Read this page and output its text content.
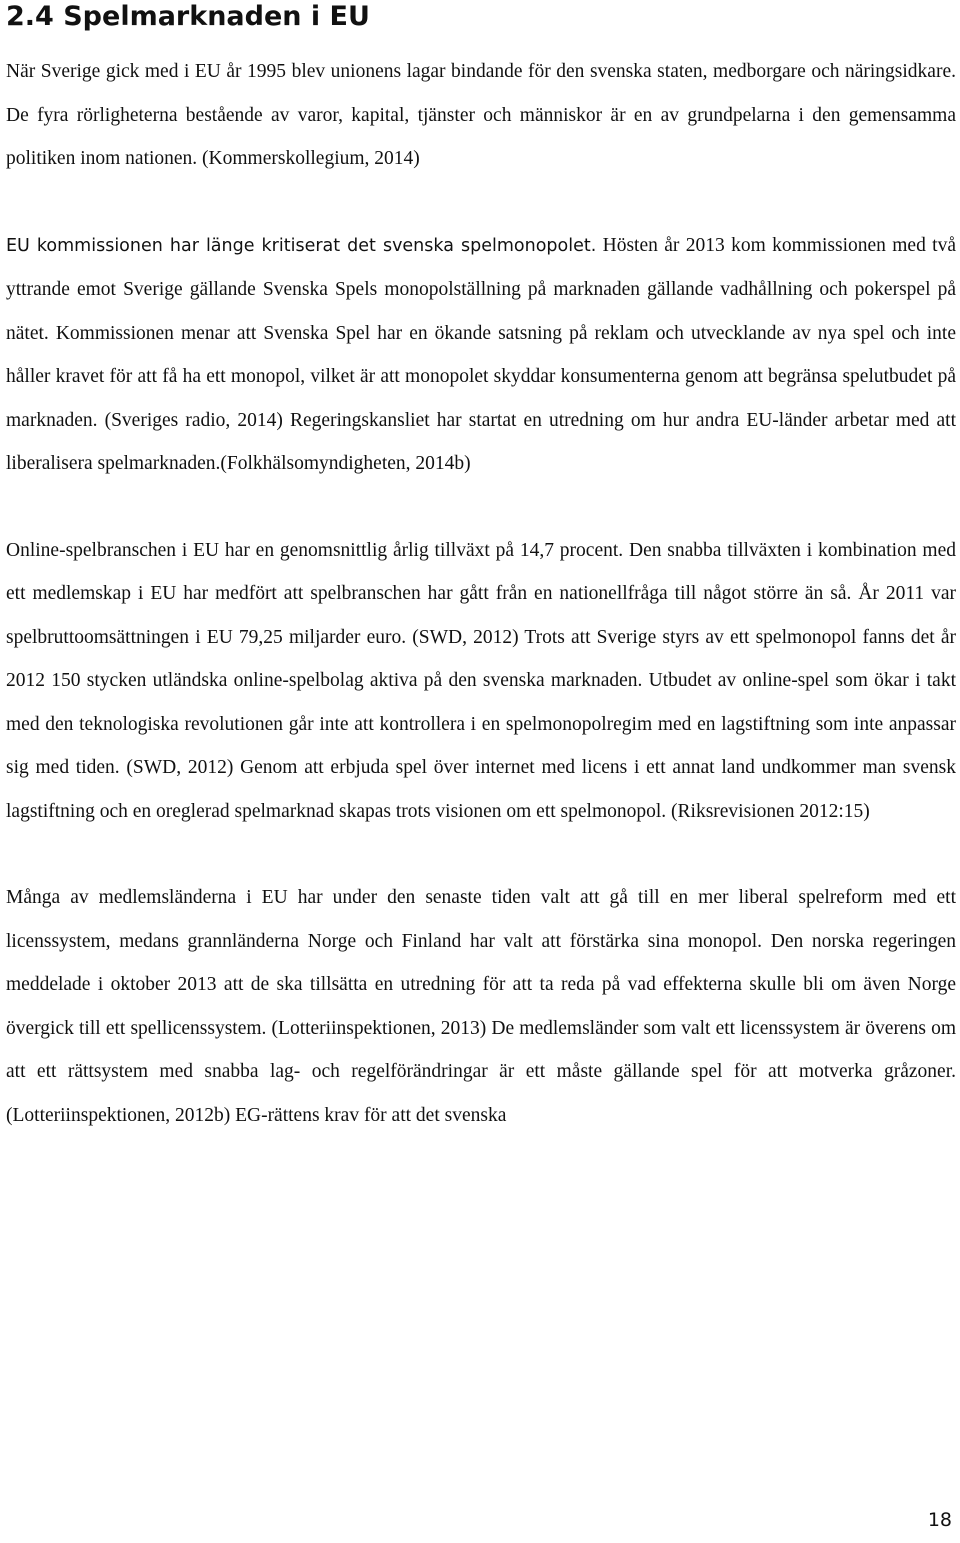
2.4 Spelmarknaden i EU

När Sverige gick med i EU år 1995 blev unionens lagar bindande för den svenska staten, medborgare och näringsidkare. De fyra rörligheterna bestående av varor, kapital, tjänster och människor är en av grundpelarna i den gemensamma politiken inom nationen. (Kommerskollegium, 2014)

EU kommissionen har länge kritiserat det svenska spelmonopolet. Hösten år 2013 kom kommissionen med två yttrande emot Sverige gällande Svenska Spels monopolställning på marknaden gällande vadhållning och pokerspel på nätet. Kommissionen menar att Svenska Spel har en ökande satsning på reklam och utvecklande av nya spel och inte håller kravet för att få ha ett monopol, vilket är att monopolet skyddar konsumenterna genom att begränsa spelutbudet på marknaden. (Sveriges radio, 2014) Regeringskansliet har startat en utredning om hur andra EU-länder arbetar med att liberalisera spelmarknaden.(Folkhälsomyndigheten, 2014b)

Online-spelbranschen i EU har en genomsnittlig årlig tillväxt på 14,7 procent. Den snabba tillväxten i kombination med ett medlemskap i EU har medfört att spelbranschen har gått från en nationellfråga till något större än så. År 2011 var spelbruttoomsättningen i EU 79,25 miljarder euro. (SWD, 2012) Trots att Sverige styrs av ett spelmonopol fanns det år 2012 150 stycken utländska online-spelbolag aktiva på den svenska marknaden. Utbudet av online-spel som ökar i takt med den teknologiska revolutionen går inte att kontrollera i en spelmonopolregim med en lagstiftning som inte anpassar sig med tiden. (SWD, 2012) Genom att erbjuda spel över internet med licens i ett annat land undkommer man svensk lagstiftning och en oreglerad spelmarknad skapas trots visionen om ett spelmonopol. (Riksrevisionen 2012:15)

Många av medlemsländerna i EU har under den senaste tiden valt att gå till en mer liberal spelreform med ett licenssystem, medans grannländerna Norge och Finland har valt att förstärka sina monopol. Den norska regeringen meddelade i oktober 2013 att de ska tillsätta en utredning för att ta reda på vad effekterna skulle bli om även Norge övergick till ett spellicenssystem. (Lotteriinspektionen, 2013) De medlemsländer som valt ett licenssystem är överens om att ett rättsystem med snabba lag- och regelförändringar är ett måste gällande spel för att motverka gråzoner. (Lotteriinspektionen, 2012b) EG-rättens krav för att det svenska

18
